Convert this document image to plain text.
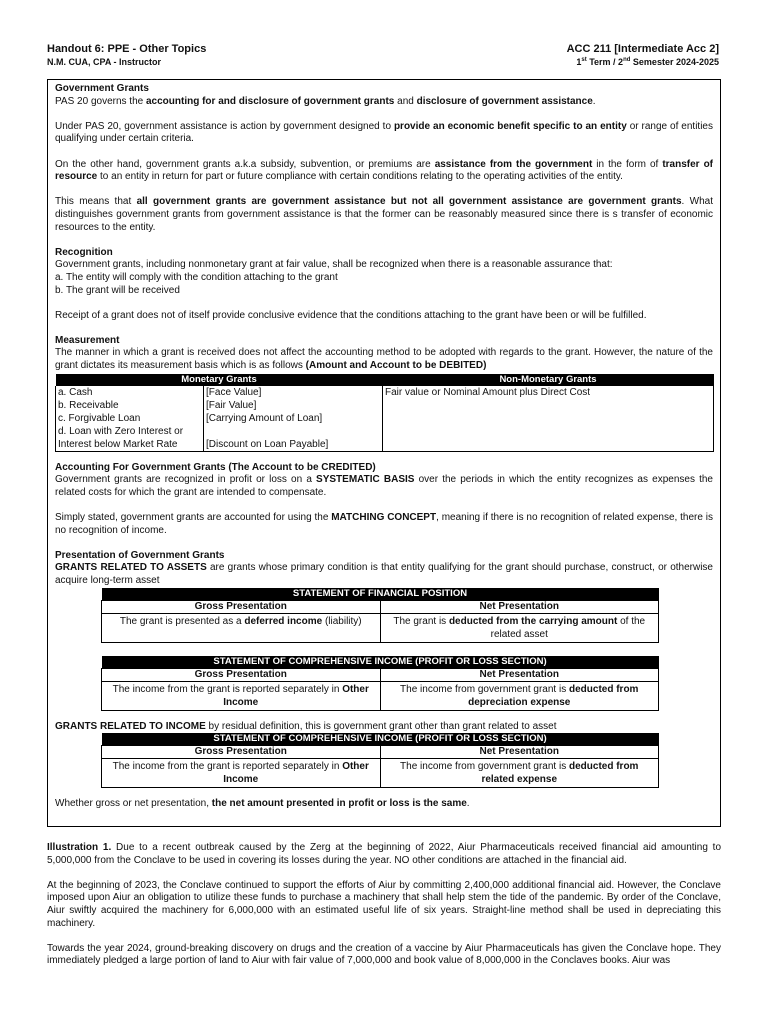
Handout 6: PPE - Other Topics	ACC 211 [Intermediate Acc 2]
N.M. CUA, CPA - Instructor	1st Term / 2nd Semester 2024-2025

Government Grants

PAS 20 governs the accounting for and disclosure of government grants and disclosure of government assistance.

Under PAS 20, government assistance is action by government designed to provide an economic benefit specific to an entity or range of entities qualifying under certain criteria.

On the other hand, government grants a.k.a subsidy, subvention, or premiums are assistance from the government in the form of transfer of resource to an entity in return for part or future compliance with certain conditions relating to the operating activities of the entity.

This means that all government grants are government assistance but not all government assistance are government grants. What distinguishes government grants from government assistance is that the former can be reasonably measured since there is s transfer of economic resources to the entity.

Recognition

Government grants, including nonmonetary grant at fair value, shall be recognized when there is a reasonable assurance that:

a. The entity will comply with the condition attaching to the grant

b. The grant will be received

Receipt of a grant does not of itself provide conclusive evidence that the conditions attaching to the grant have been or will be fulfilled.

Measurement

The manner in which a grant is received does not affect the accounting method to be adopted with regards to the grant. However, the nature of the grant dictates its measurement basis which is as follows (Amount and Account to be DEBITED)

Monetary Grants		Non-Monetary Grants
a. Cash	[Face Value]	Fair value or Nominal Amount plus Direct Cost
b. Receivable	[Fair Value]	
c. Forgivable Loan	[Carrying Amount of Loan]	
d. Loan with Zero Interest or		
Interest below Market Rate	[Discount on Loan Payable]	

Accounting For Government Grants (The Account to be CREDITED)

Government grants are recognized in profit or loss on a SYSTEMATIC BASIS over the periods in which the entity recognizes as expenses the related costs for which the grant are intended to compensate.

Simply stated, government grants are accounted for using the MATCHING CONCEPT, meaning if there is no recognition of related expense, there is no recognition of income.

Presentation of Government Grants

GRANTS RELATED TO ASSETS are grants whose primary condition is that entity qualifying for the grant should purchase, construct, or otherwise acquire long-term asset

STATEMENT OF FINANCIAL POSITION	
Gross Presentation	Net Presentation
The grant is presented as a deferred income (liability)	The grant is deducted from the carrying amount of the related asset
STATEMENT OF COMPREHENSIVE INCOME (PROFIT OR LOSS SECTION)	
Gross Presentation	Net Presentation
The income from the grant is reported separately in Other Income	The income from government grant is deducted from depreciation expense

GRANTS RELATED TO INCOME by residual definition, this is government grant other than grant related to asset

STATEMENT OF COMPREHENSIVE INCOME (PROFIT OR LOSS SECTION)	
Gross Presentation	Net Presentation
The income from the grant is reported separately in Other Income	The income from government grant is deducted from related expense

Whether gross or net presentation, the net amount presented in profit or loss is the same.

Illustration 1. Due to a recent outbreak caused by the Zerg at the beginning of 2022, Aiur Pharmaceuticals received financial aid amounting to 5,000,000 from the Conclave to be used in covering its losses during the year. NO other conditions are attached in the financial aid.

At the beginning of 2023, the Conclave continued to support the efforts of Aiur by committing 2,400,000 additional financial aid. However, the Conclave imposed upon Aiur an obligation to utilize these funds to purchase a machinery that shall help stem the tide of the pandemic. By order of the Conclave, Aiur swiftly acquired the machinery for 6,000,000 with an estimated useful life of six years. Straight-line method shall be used in depreciating this machinery.

Towards the year 2024, ground-breaking discovery on drugs and the creation of a vaccine by Aiur Pharmaceuticals has given the Conclave hope. They immediately pledged a large portion of land to Aiur with fair value of 7,000,000 and book value of 8,000,000 in the Conclaves books. Aiur was
